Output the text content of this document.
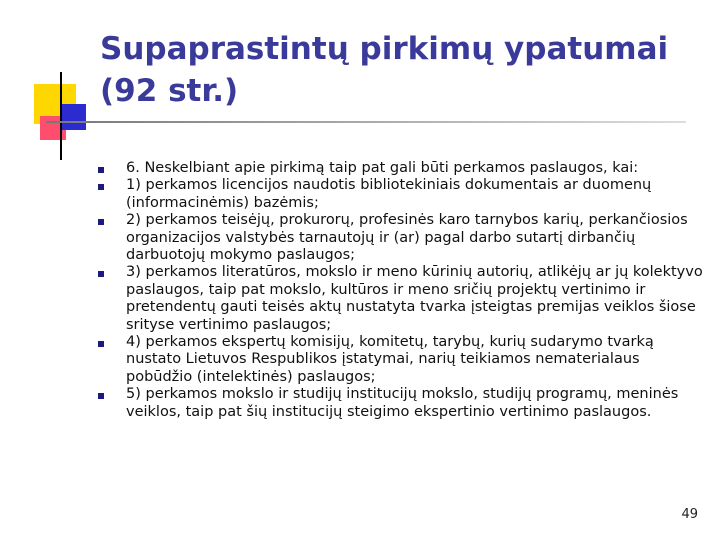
Supaprastintų pirkimų ypatumai
(92 str.)
6. Neskelbiant apie pirkimą taip pat gali būti perkamos paslaugos, kai:
1) perkamos licencijos naudotis bibliotekiniais dokumentais ar duomenų (informacinėmis) bazėmis;
2) perkamos teisėjų, prokurorų, profesinės karo tarnybos karių, perkančiosios organizacijos valstybės tarnautojų ir (ar) pagal darbo sutartį dirbančių darbuotojų mokymo paslaugos;
3) perkamos literatūros, mokslo ir meno kūrinių autorių, atlikėjų ar jų kolektyvo paslaugos, taip pat mokslo, kultūros ir meno sričių projektų vertinimo ir pretendentų gauti teisės aktų nustatyta tvarka įsteigtas premijas veiklos šiose srityse vertinimo paslaugos;
4) perkamos ekspertų komisijų, komitetų, tarybų, kurių sudarymo tvarką nustato Lietuvos Respublikos įstatymai, narių teikiamos nematerialaus pobūdžio (intelektinės) paslaugos;
5) perkamos mokslo ir studijų institucijų mokslo, studijų programų, meninės veiklos, taip pat šių institucijų steigimo ekspertinio vertinimo paslaugos.
49
